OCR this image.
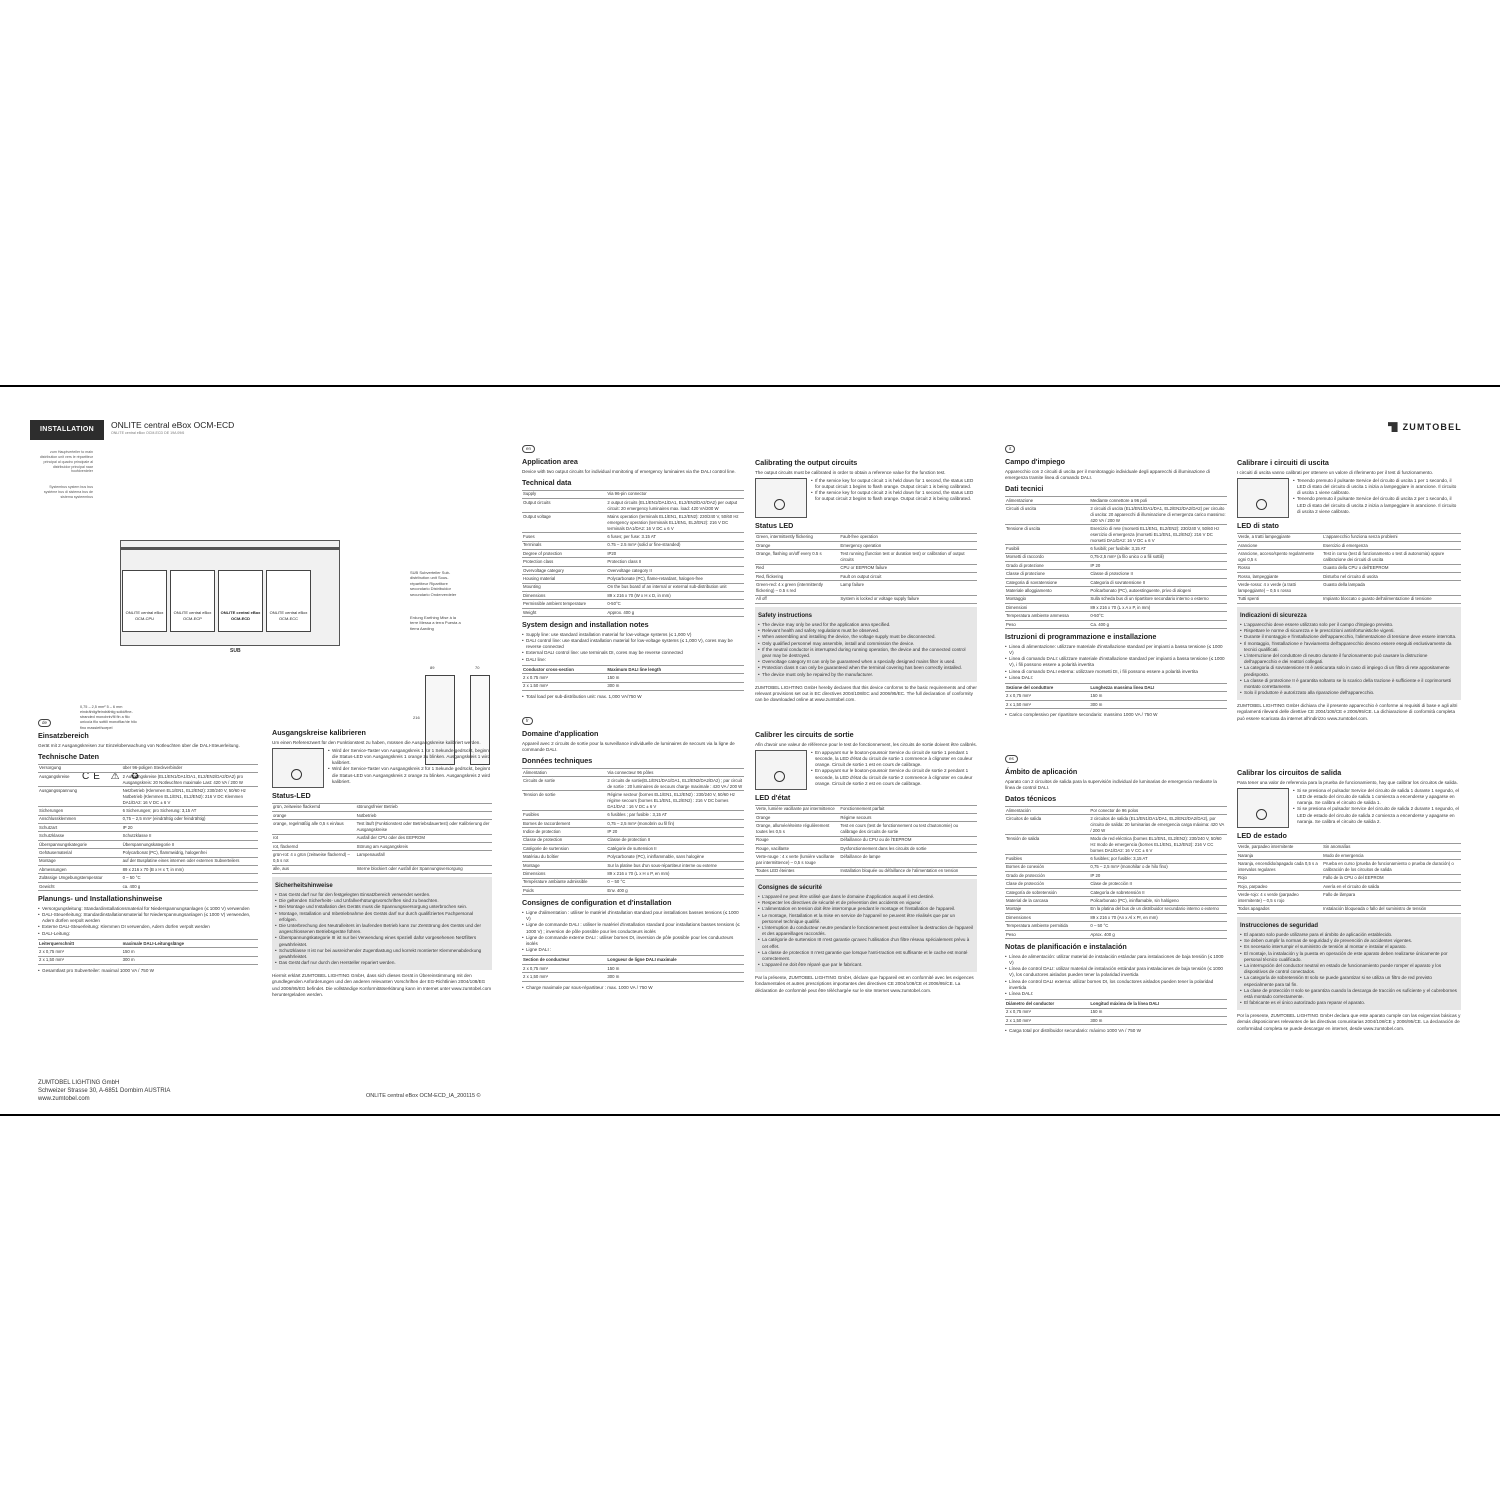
INSTALLATION	ONLITE central eBox OCM-ECD
ONLITE central eBox OCM-ECD DE 19A 09/6
ZUMTOBEL
zum Hauptverteiler to main distribution unit vers le répartiteur principal al quadro principale al distribuidor principal naar hoofdverdeler
Systembus system bus bus système bus di sistema bus de sistema systeembus
ONLITE central eBox OCM-CPU
ONLITE central eBox OCM-ECP
ONLITE central eBox OCM-ECD
ONLITE central eBox OCM-ECC
SUB
SUB Subverteiler Sub-distribution unit Sous-répartiteur Ripartitore secondario Distribuidor secundario Onderverdeler
Erdung Earthing Mise à la terre Messa a terra Puesta a tierra Aarding
0,75 – 2,5 mm² 5 – 6 mm eindrähtig/feindrähtig solid/fine-stranded monobrin/fil fin a filo unico/a filo sottili monofilar/de hilo fino massief/soepel
CE ⚠ ♻
89	70
216
de
Einsatzbereich

Gerät mit 2 Ausgangskreisen zur Einzelüberwachung von Notleuchten über die DALI-Steuerleitung.

Technische Daten
Versorgung	über 96-poligen Steckverbinder
Ausgangskreise	2 Ausgangskreise (EL1/EN1/DA1/DA1, EL2/EN2/DA2/DA2) pro Ausgangskreis: 20 Notleuchten maximale Last: 420 VA / 200 W
Ausgangsspannung	Netzbetrieb (Klemmen EL1/EN1, EL2/EN2): 230/240 V, 50/60 Hz Notbetrieb (Klemmen EL1/EN1, EL2/EN2): 216 V DC Klemmen DA1/DA2: 16 V DC ± 6 V
Sicherungen	6 Sicherungen; pro Sicherung: 3,15 AT
Anschlussklemmen	0,75 – 2,5 mm² (eindrähtig oder feindrähtig)
Schutzart	IP 20
Schutzklasse	Schutzklasse II
Überspannungskategorie	Überspannungskategorie II
Gehäusematerial	Polycarbonat (PC), flammwidrig, halogenfrei
Montage	auf der Busplatine eines internen oder externen Subverteilers
Abmessungen	89 x 216 x 70 (B x H x T, in mm)
Zulässige Umgebungstemperatur	0 – 50 °C
Gewicht	ca. 400 g
Planungs- und Installationshinweise
• Versorgungsleitung: Standardinstallationsmaterial für Niederspannungsanlagen (≤ 1000 V) verwenden
• DALI-Steuerleitung: Standardinstallationsmaterial für Niederspannungsanlagen (≤ 1000 V) verwenden, Adern dürfen verpolt werden
• Externe DALI-Steuerleitung: Klemmen DI verwenden, Adern dürfen verpolt werden
• DALI-Leitung:
Leiterquerschnitt	maximale DALI-Leitungslänge
2 x 0,75 mm²	150 m
2 x 1,50 mm²	300 m
• Gesamtlast pro Subverteiler: maximal 1000 VA / 750 W
Ausgangskreise kalibrieren

Um einen Referenzwert für den Funktionstest zu haben, müssen die Ausgangskreise kalibriert werden.

• Wird der Service-Taster von Ausgangskreis 1 für 1 Sekunde gedrückt, beginnt die Status-LED von Ausgangskreis 1 orange zu blinken. Ausgangskreis 1 wird kalibriert.
• Wird der Service-Taster von Ausgangskreis 2 für 1 Sekunde gedrückt, beginnt die Status-LED von Ausgangskreis 2 orange zu blinken. Ausgangskreis 2 wird kalibriert.
Status-LED
grün, zeitweise flackernd	störungsfreier Betrieb
orange	Notbetrieb
orange, regelmäßig alle 0,5 s ein/aus	Test läuft (Funktionstest oder Betriebsdauertest) oder Kalibrierung der Ausgangskreise
rot	Ausfall der CPU oder des EEPROM
rot, flackernd	Störung am Ausgangskreis
grün-rot: 4 x grün (zeitweise flackernd) – 0,5 s rot	Lampenausfall
alle, aus	Interne blockiert oder Ausfall der Spannungsversorgung
Sicherheitshinweise
• Das Gerät darf nur für den festgelegten Einsatzbereich verwendet werden.
• Die geltenden Sicherheits- und Unfallverhütungsvorschriften sind zu beachten.
• Bei Montage und Installation des Geräts muss die Spannungsversorgung unterbrochen sein.
• Montage, Installation und Inbetriebnahme des Geräts darf nur durch qualifiziertes Fachpersonal erfolgen.
• Die Unterbrechung des Neutralleiters im laufenden Betrieb kann zur Zerstörung des Geräts und der angeschlossenen Betriebsgeräte führen.
• Überspannungskategorie III ist nur bei Verwendung eines speziell dafür vorgesehenen Netzfilters gewährleistet.
• Schutzklasse II ist nur bei ausreichender Zugentlastung und korrekt montierter Klemmenabdeckung gewährleistet.
• Das Gerät darf nur durch den Hersteller repariert werden.

Hiermit erklärt ZUMTOBEL LIGHTING GmbH, dass sich dieses Gerät in Übereinstimmung mit den grundlegenden Anforderungen und den anderen relevanten Vorschriften der EG-Richtlinien 2004/108/EG und 2006/95/EG befindet. Die vollständige Konformitätserklärung kann im Internet unter www.zumtobel.com heruntergeladen werden.

en
Application area

Device with two output circuits for individual monitoring of emergency luminaires via the DALI control line.

Technical data
Supply	Via 96-pin connector
Output circuits	2 output circuits (EL1/EN1/DA1/DA1, EL2/EN2/DA2/DA2) per output circuit: 20 emergency luminaires max. load: 420 VA/200 W
Output voltage	Mains operation (terminals EL1/EN1, EL2/EN2): 230/240 V, 50/60 Hz emergency operation (terminals EL1/EN1, EL2/EN2): 216 V DC terminals DA1/DA2: 16 V DC ± 6 V
Fuses	6 fuses; per fuse: 3.15 AT
Terminals	0.75 – 2.5 mm² (solid or fine-stranded)
Degree of protection	IP20
Protection class	Protection class II
Overvoltage category	Overvoltage category II
Housing material	Polycarbonate (PC), flame-retardant, halogen-free
Mounting	On the bus board of an internal or external sub-distribution unit
Dimensions	89 x 216 x 70 (W x H x D, in mm)
Permissible ambient temperature	0-50°C
Weight	Approx. 400 g
System design and installation notes
• Supply line: use standard installation material for low-voltage systems (≤ 1,000 V)
• DALI control line: use standard installation material for low-voltage systems (≤ 1,000 V), cores may be reverse connected
• External DALI control line: use terminals DI, cores may be reverse connected
• DALI line:
Conductor cross-section	Maximum DALI line length
2 x 0.75 mm²	150 m
2 x 1.50 mm²	300 m
• Total load per sub-distribution unit: max. 1,000 VA/750 W
Calibrating the output circuits

The output circuits must be calibrated in order to obtain a reference value for the function test.

• If the service key for output circuit 1 is held down for 1 second, the status LED for output circuit 1 begins to flash orange. Output circuit 1 is being calibrated.
• If the service key for output circuit 2 is held down for 1 second, the status LED for output circuit 2 begins to flash orange. Output circuit 2 is being calibrated.
Status LED
Green, intermittently flickering	Fault-free operation
Orange	Emergency operation
Orange, flashing on/off every 0.5 s	Test running (function test or duration test) or calibration of output circuits
Red	CPU or EEPROM failure
Red, flickering	Fault on output circuit
Green-red: 4 x green (intermittently flickering) – 0.5 s red	Lamp failure
All off	System is locked or voltage supply failure
Safety instructions
• The device may only be used for the application area specified.
• Relevant health and safety regulations must be observed.
• When assembling and installing the device, the voltage supply must be disconnected.
• Only qualified personnel may assemble, install and commission the device.
• If the neutral conductor is interrupted during running operation, the device and the connected control gear may be destroyed.
• Overvoltage category III can only be guaranteed when a specially designed mains filter is used.
• Protection class II can only be guaranteed when the terminal covering has been correctly installed.
• The device must only be repaired by the manufacturer.

ZUMTOBEL LIGHTING GmbH hereby declares that this device conforms to the basic requirements and other relevant provisions set out in EC directives 2004/108/EC and 2006/95/EC. The full declaration of conformity can be downloaded online at www.zumtobel.com.

fr
Domaine d'application

Appareil avec 2 circuits de sortie pour la surveillance individuelle de luminaires de secours via la ligne de commande DALI.

Données techniques
Alimentation	Via connecteur 96 pôles
Circuits de sortie	2 circuits de sortie(EL1/EN1/DA1/DA1, EL2/EN2/DA2/DA2) ; par circuit de sortie : 20 luminaires de secours charge maximale : 420 VA / 200 W
Tension de sortie	Régime secteur (bornes EL1/EN1, EL2/EN2) : 230/240 V, 50/60 Hz régime secours (bornes EL1/EN1, EL2/EN2) : 216 V DC bornes DA1/DA2 : 16 V DC ± 6 V
Fusibles	6 fusibles ; par fusible : 3,15 AT
Bornes de raccordement	0,75 – 2,5 mm² (monobrin ou fil fin)
Indice de protection	IP 20
Classe de protection	Classe de protection II
Catégorie de surtension	Catégorie de surtension II
Matériau du boîtier	Polycarbonate (PC), ininflammable, sans halogène
Montage	Sur la platine bus d'un sous-répartiteur interne ou externe
Dimensions	89 x 216 x 70 (L x H x P, en mm)
Température ambiante admissible	0 – 50 °C
Poids	Env. 400 g
Consignes de configuration et d'installation
• Ligne d'alimentation : utiliser le matériel d'installation standard pour installations basses tensions (≤ 1000 V)
• Ligne de commande DALI : utiliser le matériel d'installation standard pour installations basses tensions (≤ 1000 V) ; inversion de pôle possible pour les conducteurs isolés
• Ligne de commande externe DALI : utiliser bornes DI, inversion de pôle possible pour les conducteurs isolés
• Ligne DALI :
Section de conducteur	Longueur de ligne DALI maximale
2 x 0,75 mm²	150 m
2 x 1,50 mm²	300 m
• Charge maximale par sous-répartiteur : max. 1000 VA / 750 W
Calibrer les circuits de sortie

Afin d'avoir une valeur de référence pour le test de fonctionnement, les circuits de sortie doivent être calibrés.

• En appuyant sur le bouton-poussoir Service du circuit de sortie 1 pendant 1 seconde, la LED d'état du circuit de sortie 1 commence à clignoter en couleur orange. Circuit de sortie 1 est en cours de calibrage.
• En appuyant sur le bouton-poussoir Service du circuit de sortie 2 pendant 1 seconde, la LED d'état du circuit de sortie 2 commence à clignoter en couleur orange. Circuit de sortie 2 est en cours de calibrage.
LED d'état
Verte, lumière vacillante par intermittence	Fonctionnement parfait
Orange	Régime secours
Orange, allumée/éteinte régulièrement toutes les 0,5 s	Test en cours (test de fonctionnement ou test d'autonomie) ou calibrage des circuits de sortie
Rouge	Défaillance du CPU ou de l'EEPROM
Rouge, vacillante	Dysfonctionnement dans les circuits de sortie
Verte-rouge : 4 x verte (lumière vacillante par intermittence) – 0,5 s rouge	Défaillance de lampe
Toutes LED éteintes	Installation bloquée ou défaillance de l'alimentation en tension
Consignes de sécurité
• L'appareil ne peut être utilisé que dans le domaine d'application auquel il est destiné.
• Respecter les directives de sécurité et de prévention des accidents en vigueur.
• L'alimentation en tension doit être interrompue pendant le montage et l'installation de l'appareil.
• Le montage, l'installation et la mise en service de l'appareil ne peuvent être réalisés que par un personnel technique qualifié.
• L'interruption du conducteur neutre pendant le fonctionnement peut entraîner la destruction de l'appareil et des appareillages raccordés.
• La catégorie de surtension III n'est garantie qu'avec l'utilisation d'un filtre réseau spécialement prévu à cet effet.
• La classe de protection II n'est garantie que lorsque l'anti-traction est suffisante et le cache est monté correctement.
• L'appareil ne doit être réparé que par le fabricant.

Par la présente, ZUMTOBEL LIGHTING GmbH, déclare que l'appareil est en conformité avec les exigences fondamentales et autres prescriptions importantes des directives CE 2004/108/CE et 2006/95/CE. La déclaration de conformité peut être téléchargée sur le site Internet www.zumtobel.com.

it
Campo d'impiego

Apparecchio con 2 circuiti di uscita per il monitoraggio individuale degli apparecchi di illuminazione di emergenza tramite linea di comando DALI.

Dati tecnici
Alimentazione	Mediante connettore a 96 poli
Circuiti di uscita	2 circuiti di uscita (EL1/EN1/DA1/DA1, EL2/EN2/DA2/DA2) per circuito di uscita: 20 apparecchi di illuminazione di emergenza carico massimo: 420 VA / 200 W
Tensione di uscita	Esercizio di rete (morsetti EL1/EN1, EL2/EN2): 230/240 V, 50/60 Hz esercizio di emergenza (morsetti EL1/EN1, EL2/EN2): 216 V DC morsetti DA1/DA2: 16 V DC ± 6 V
Fusibili	6 fusibili; per fusibile: 3,15 AT
Morsetti di raccordo	0,75-2,5 mm² (a filo unico o a fili sottili)
Grado di protezione	IP 20
Classe di protezione	Classe di protezione II
Categoria di sovratensione	Categoria di sovratensione II
Materiale alloggiamento	Policarbonato (PC), autoestinguente, privo di alogeni
Montaggio	Sulla scheda bus di un ripartitore secondario interno o esterno
Dimensioni	89 x 216 x 70 (L x A x P, in mm)
Temperatura ambiente ammessa	0-50°C
Peso	Ca. 400 g
Istruzioni di programmazione e installazione
• Linea di alimentazione: utilizzare materiale d'installazione standard per impianti a bassa tensione (≤ 1000 V)
• Linea di comando DALI: utilizzare materiale d'installazione standard per impianti a bassa tensione (≤ 1000 V), i fili possono essere a polarità invertita
• Linea di comando DALI esterna: utilizzare morsetti DI, i fili possono essere a polarità invertita
• Linea DALI:
Sezione del conduttore	Lunghezza massima linea DALI
2 x 0,75 mm²	150 m
2 x 1,50 mm²	300 m
• Carico complessivo per ripartitore secondario: massimo 1000 VA / 750 W
Calibrare i circuiti di uscita

I circuiti di uscita vanno calibrati per ottenere un valore di riferimento per il test di funzionamento.

• Tenendo premuto il pulsante Service del circuito di uscita 1 per 1 secondo, il LED di stato del circuito di uscita 1 inizia a lampeggiare in arancione. Il circuito di uscita 1 viene calibrato.
• Tenendo premuto il pulsante Service del circuito di uscita 2 per 1 secondo, il LED di stato del circuito di uscita 2 inizia a lampeggiare in arancione. Il circuito di uscita 2 viene calibrato.
LED di stato
Verde, a tratti lampeggiante	L'apparecchio funziona senza problemi
Arancione	Esercizio di emergenza
Arancione, acceso/spento regolarmente ogni 0,5 s	Test in corso (test di funzionamento o test di autonomia) oppure calibrazione dei circuiti di uscita
Rosso	Guasto della CPU o dell'EEPROM
Rosso, lampeggiante	Disturbo nel circuito di uscita
Verde-rosso: 4 x verde (a tratti lampeggiante) – 0,5 s rosso	Guasto della lampada
Tutti spenti	Impianto bloccato o guasto dell'alimentazione di tensione
Indicazioni di sicurezza
• L'apparecchio deve essere utilizzato solo per il campo d'impiego previsto.
• Rispettare le norme di sicurezza e le prescrizioni antinfortunistiche vigenti.
• Durante il montaggio e l'installazione dell'apparecchio, l'alimentazione di tensione deve essere interrotta.
• Il montaggio, l'installazione e l'avviamento dell'apparecchio devono essere eseguiti esclusivamente da tecnici qualificati.
• L'interruzione del conduttore di neutro durante il funzionamento può causare la distruzione dell'apparecchio e dei reattori collegati.
• La categoria di sovratensione III è assicurata solo in caso di impiego di un filtro di rete appositamente predisposto.
• La classe di protezione II è garantita soltanto se lo scarico della trazione è sufficiente e il coprimorsetti montato correttamente.
• Solo il produttore è autorizzato alla riparazione dell'apparecchio.

ZUMTOBEL LIGHTING GmbH dichiara che il presente apparecchio è conforme ai requisiti di base e agli altri regolamenti rilevanti delle direttive CE 2004/108/CE e 2006/95/CE. La dichiarazione di conformità completa può essere scaricata da internet all'indirizzo www.zumtobel.com.

es
Ámbito de aplicación

Aparato con 2 circuitos de salida para la supervisión individual de luminarias de emergencia mediante la línea de control DALI.

Datos técnicos
Alimentación	Por conector de 96 polos
Circuitos de salida	2 circuitos de salida (EL1/EN1/DA1/DA1, EL2/EN2/DA2/DA2), por circuito de salida: 20 luminarias de emergencia carga máxima: 420 VA / 200 W
Tensión de salida	Modo de red eléctrica (bornes EL1/EN1, EL2/EN2): 230/240 V, 50/60 Hz modo de emergencia (bornes EL1/EN1, EL2/EN2): 216 V CC bornes DA1/DA2: 16 V CC ± 6 V
Fusibles	6 fusibles; por fusible: 3,15 AT
Bornes de conexión	0,75 – 2,5 mm² (monohilar o de hilo fino)
Grado de protección	IP 20
Clase de protección	Clase de protección II
Categoría de sobretensión	Categoría de sobretensión II
Material de la carcasa	Policarbonato (PC), ininflamable, sin halógeno
Montaje	En la platina del bus de un distribuidor secundario interno o externo
Dimensiones	89 x 216 x 70 (An x Al x Pr, en mm)
Temperatura ambiente permitida	0 – 50 °C
Peso	Aprox. 400 g
Notas de planificación e instalación
• Línea de alimentación: utilizar material de instalación estándar para instalaciones de baja tensión (≤ 1000 V)
• Línea de control DALI: utilizar material de instalación estándar para instalaciones de baja tensión (≤ 1000 V), los conductores aislados pueden tener la polaridad invertida
• Línea de control DALI externa: utilizar bornes DI, los conductores aislados pueden tener la polaridad invertida
• Línea DALI:
Diámetro del conductor	Longitud máxima de la línea DALI
2 x 0,75 mm²	150 m
2 x 1,50 mm²	300 m
• Carga total por distribuidor secundario: máximo 1000 VA / 750 W
Calibrar los circuitos de salida

Para tener una valor de referencia para la prueba de funcionamiento, hay que calibrar los circuitos de salida.

• Si se presiona el pulsador Service del circuito de salida 1 durante 1 segundo, el LED de estado del circuito de salida 1 comienza a encenderse y apagarse en naranja. Se calibra el circuito de salida 1.
• Si se presiona el pulsador Service del circuito de salida 2 durante 1 segundo, el LED de estado del circuito de salida 2 comienza a encenderse y apagarse en naranja. Se calibra el circuito de salida 2.
LED de estado
Verde, parpadeo intermitente	Sin anomalías
Naranja	Modo de emergencia
Naranja, encendido/apagado cada 0,5 s a intervalos regulares	Prueba en curso (prueba de funcionamiento o prueba de duración) o calibración de los circuitos de salida
Rojo	Fallo de la CPU o del EEPROM
Rojo, parpadeo	Avería en el circuito de salida
Verde-rojo: 4 x verde (parpadeo intermitente) – 0,5 s rojo	Fallo de lámpara
Todos apagados	Instalación bloqueada o fallo del suministro de tensión
Instrucciones de seguridad
• El aparato solo puede utilizarse para el ámbito de aplicación establecido.
• Se deben cumplir la normas de seguridad y de prevención de accidentes vigentes.
• Es necesario interrumpir el suministro de tensión al montar e instalar el aparato.
• El montaje, la instalación y la puesta en operación de este aparato deben realizarse únicamente por personal técnico cualificado.
• La interrupción del conductor neutral en estado de funcionamiento puede romper el aparato y los dispositivos de control conectados.
• La categoría de sobretensión III solo se puede garantizar si se utiliza un filtro de red previsto especialmente para tal fin.
• La clase de protección II solo se garantiza cuando la descarga de tracción es suficiente y el cubrebornes está montado correctamente.
• El fabricante es el único autorizado para reparar el aparato.

Por la presente, ZUMTOBEL LIGHTING GmbH declara que este aparato cumple con las exigencias básicas y demás disposiciones relevantes de las directivas comunitarias 2004/108/CE y 2006/95/CE. La declaración de conformidad completa se puede descargar en internet, desde www.zumtobel.com.

ZUMTOBEL LIGHTING GmbH
Schweizer Strasse 30, A-6851 Dornbirn AUSTRIA
www.zumtobel.com
ONLITE central eBox OCM-ECD_IA_200115 ©
